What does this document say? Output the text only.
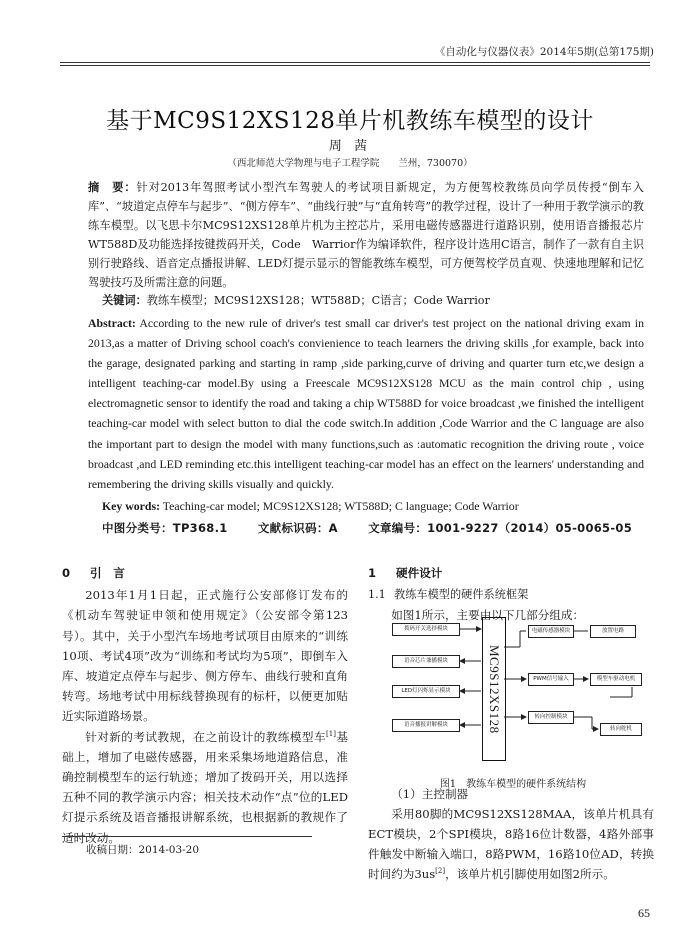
《自动化与仪器仪表》2014年5期(总第175期)
基于MC9S12XS128单片机教练车模型的设计
周 茜
（西北师范大学物理与电子工程学院　　兰州，730070）
摘　要：针对2013年驾照考试小型汽车驾驶人的考试项目新规定，为方便驾校教练员向学员传授“倒车入库”、“坡道定点停车与起步”、“侧方停车”、“曲线行驶”与“直角转弯”的教学过程，设计了一种用于教学演示的教练车模型。以飞思卡尔MC9S12XS128单片机为主控芯片，采用电磁传感器进行道路识别，使用语音播报芯片WT588D及功能选择按键拨码开关，Code　Warrior作为编译软件，程序设计选用C语言，制作了一款有自主识别行驶路线、语音定点播报讲解、LED灯提示显示的智能教练车模型，可方便驾校学员直观、快速地理解和记忆驾驶技巧及所需注意的问题。
关键词：教练车模型；MC9S12XS128；WT588D；C语言；Code Warrior
Abstract: According to the new rule of driver's test small car driver's test project on the national driving exam in 2013,as a matter of Driving school coach's convienience to teach learners the driving skills ,for example, back into the garage, designated parking and starting in ramp ,side parking,curve of driving and quarter turn etc,we design a intelligent teaching-car model.By using a Freescale MC9S12XS128 MCU as the main control chip , using electromagnetic sensor to identify the road and taking a chip WT588D for voice broadcast ,we finished the intelligent teaching-car model with select button to dial the code switch.In addition ,Code Warrior and the C language are also the important part to design the model with many functions,such as :automatic recognition the driving route , voice broadcast ,and LED reminding etc.this intelligent teaching-car model has an effect on the learners' understanding and remembering the driving skills visually and quickly.
Key words: Teaching-car model; MC9S12XS128; WT588D; C language; Code Warrior
中图分类号：TP368.1	文献标识码：A	文章编号：1001-9227（2014）05-0065-05
0 引　言

2013年1月1日起，正式施行公安部修订发布的《机动车驾驶证申领和使用规定》（公安部令第123号）。其中，关于小型汽车场地考试项目由原来的“训练10项、考试4项”改为“训练和考试均为5项”，即倒车入库、坡道定点停车与起步、侧方停车、曲线行驶和直角转弯。场地考试中用标线替换现有的标杆，以便更加贴近实际道路场景。

针对新的考试教规，在之前设计的教练模型车[1]基础上，增加了电磁传感器，用来采集场地道路信息，准确控制模型车的运行轨迹；增加了拨码开关，用以选择五种不同的教学演示内容；相关技术动作“点”位的LED灯提示系统及语音播报讲解系统，也根据新的教规作了适时改动。

收稿日期：2014-03-20
1 硬件设计
1.1 教练车模型的硬件系统框架

如图1所示，主要由以下几部分组成：

（1）主控制器

采用80脚的MC9S12XS128MAA，该单片机具有ECT模块，2个SPI模块，8路16位计数器，4路外部事件触发中断输入端口，8路PWM，16路10位AD，转换时间约为3us[2]，该单片机引脚使用如图2所示。

拨码开关选择模块
语音芯片兼播模块
LED灯闪烁显示模块
语音播报讲解模块	MC9S12XS128
电磁传感器模块	放置电路
PWM信号输入	模型车驱动电机
转向控制模块
转向舵机
图1　教练车模型的硬件系统结构
65
